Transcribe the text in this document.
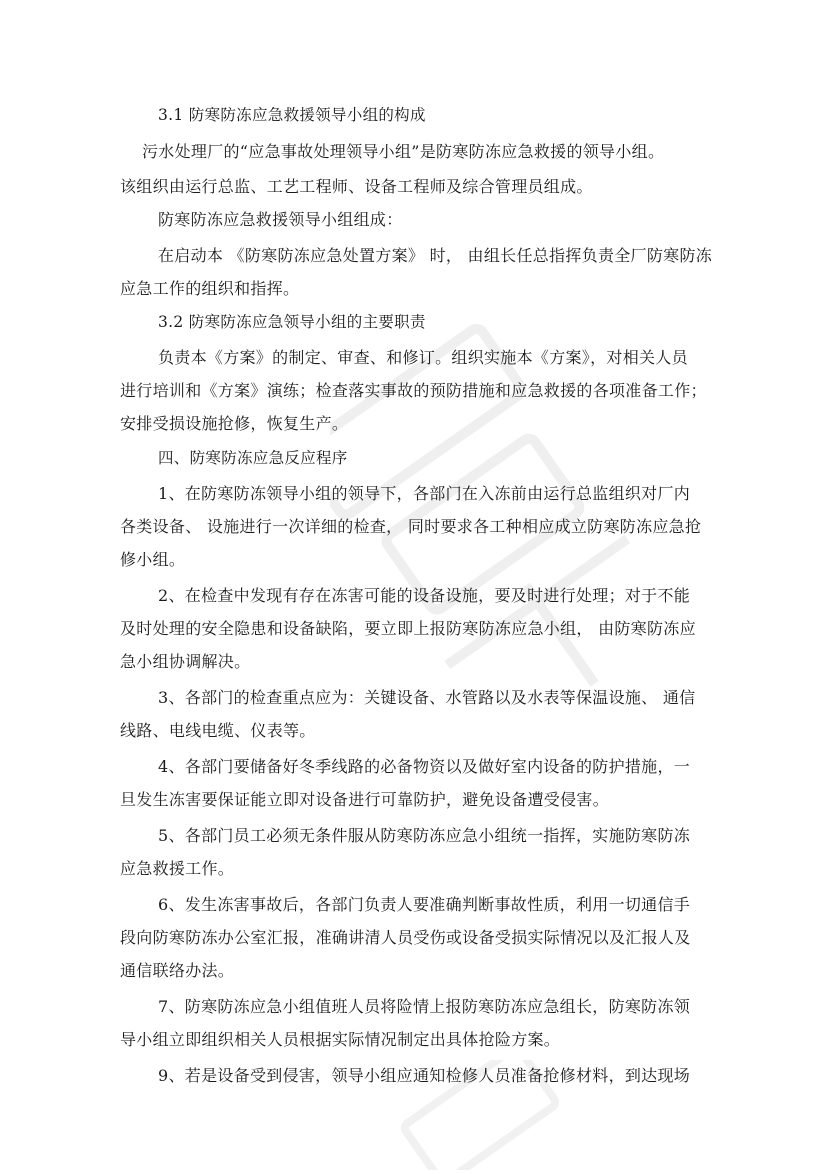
3.1 防寒防冻应急救援领导小组的构成
污水处理厂的“应急事故处理领导小组”是防寒防冻应急救援的领导小组。
该组织由运行总监、工艺工程师、设备工程师及综合管理员组成。
防寒防冻应急救援领导小组组成：
在启动本 《防寒防冻应急处置方案》 时， 由组长任总指挥负责全厂防寒防冻
应急工作的组织和指挥。
3.2 防寒防冻应急领导小组的主要职责
负责本《方案》的制定、审查、和修订。组织实施本《方案》，对相关人员
进行培训和《方案》演练；检查落实事故的预防措施和应急救援的各项准备工作；
安排受损设施抢修，恢复生产。
四、防寒防冻应急反应程序
1、在防寒防冻领导小组的领导下，各部门在入冻前由运行总监组织对厂内
各类设备、 设施进行一次详细的检查， 同时要求各工种相应成立防寒防冻应急抢
修小组。
2、在检查中发现有存在冻害可能的设备设施，要及时进行处理；对于不能
及时处理的安全隐患和设备缺陷，要立即上报防寒防冻应急小组， 由防寒防冻应
急小组协调解决。
3、各部门的检查重点应为：关键设备、水管路以及水表等保温设施、 通信
线路、电线电缆、仪表等。
4、各部门要储备好冬季线路的必备物资以及做好室内设备的防护措施，一
旦发生冻害要保证能立即对设备进行可靠防护，避免设备遭受侵害。
5、各部门员工必须无条件服从防寒防冻应急小组统一指挥，实施防寒防冻
应急救援工作。
6、发生冻害事故后，各部门负责人要准确判断事故性质，利用一切通信手
段向防寒防冻办公室汇报，准确讲清人员受伤或设备受损实际情况以及汇报人及
通信联络办法。
7、防寒防冻应急小组值班人员将险情上报防寒防冻应急组长，防寒防冻领
导小组立即组织相关人员根据实际情况制定出具体抢险方案。
9、若是设备受到侵害，领导小组应通知检修人员准备抢修材料，到达现场
